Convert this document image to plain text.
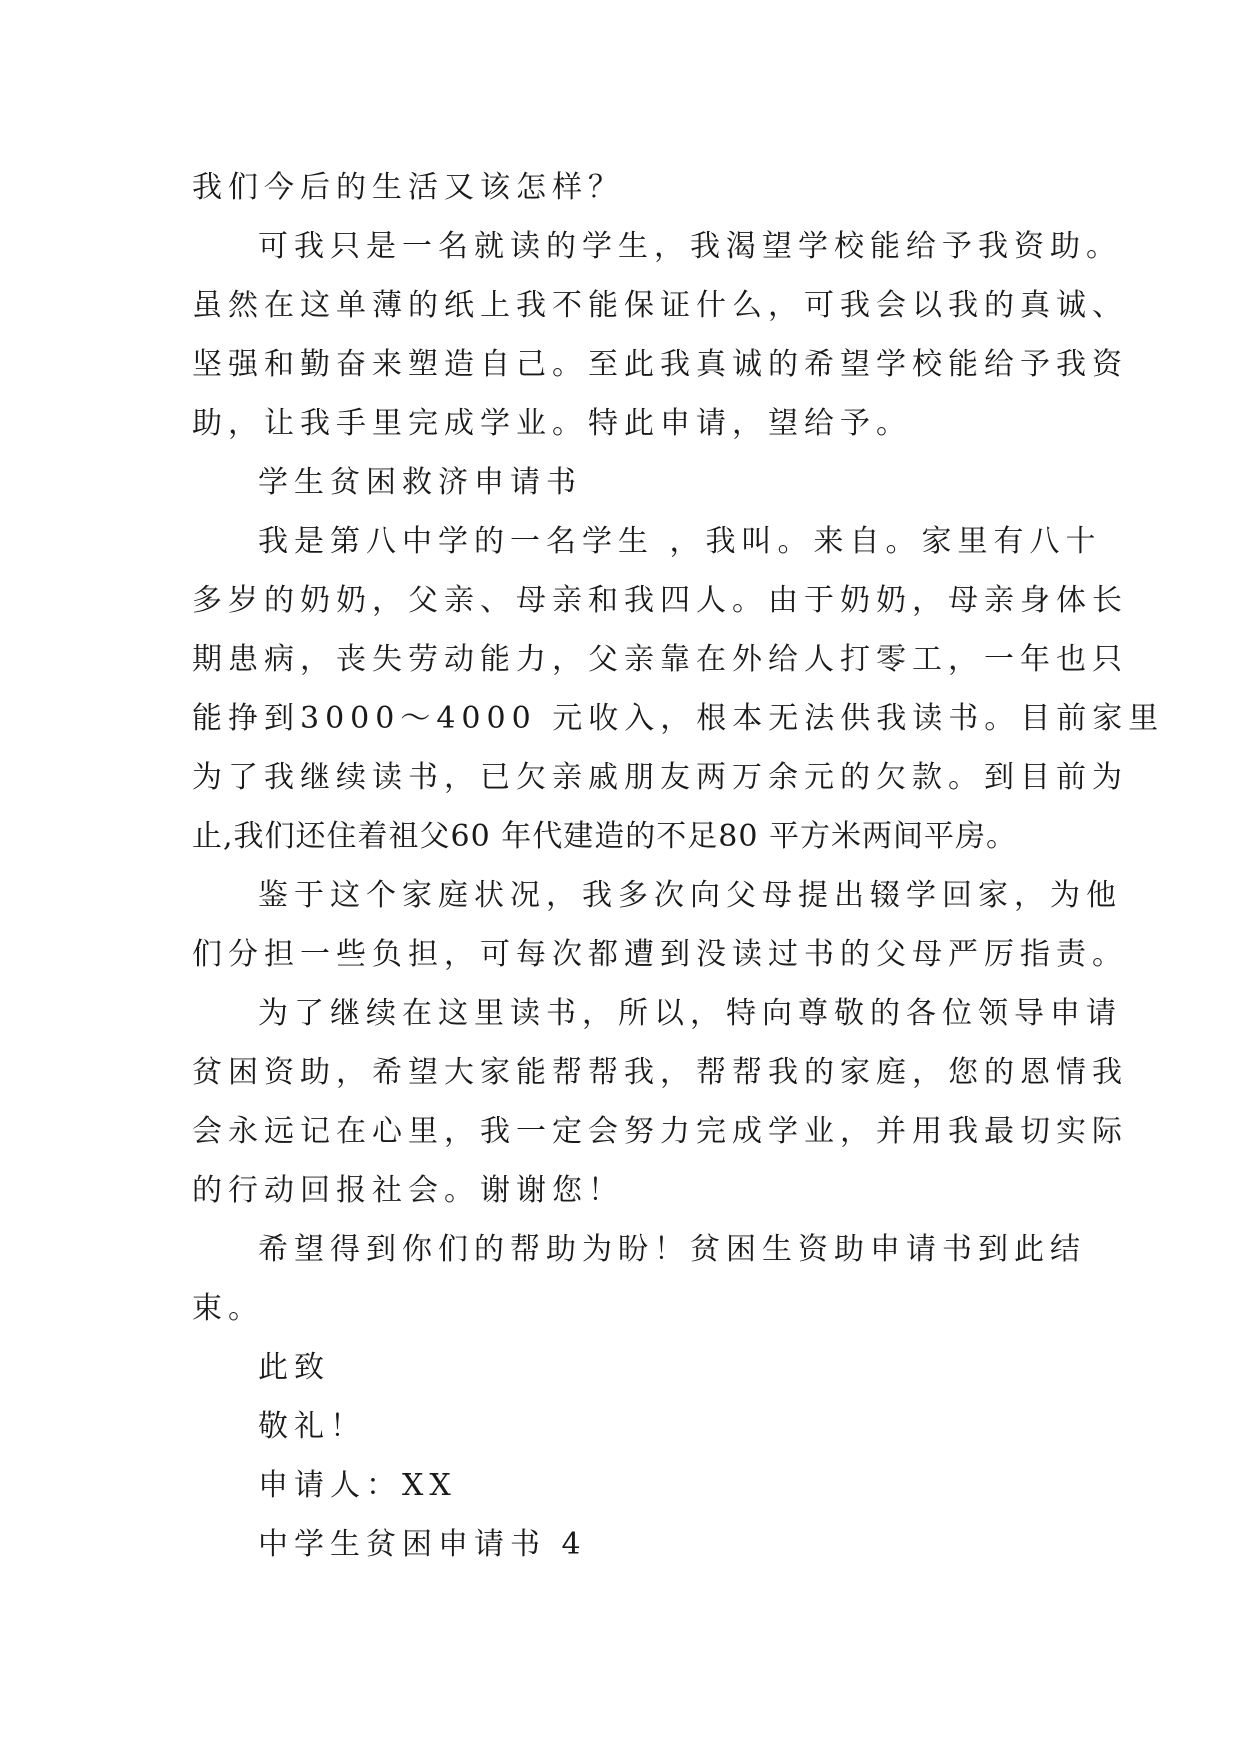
我们今后的生活又该怎样？
可我只是一名就读的学生，我渴望学校能给予我资助。
虽然在这单薄的纸上我不能保证什么，可我会以我的真诚、
坚强和勤奋来塑造自己。至此我真诚的希望学校能给予我资
助，让我手里完成学业。特此申请，望给予。
学生贫困救济申请书
我是第八中学的一名学生 ，我叫。来自。家里有八十
多岁的奶奶，父亲、母亲和我四人。由于奶奶，母亲身体长
期患病，丧失劳动能力，父亲靠在外给人打零工，一年也只
能挣到3000～4000 元收入，根本无法供我读书。目前家里
为了我继续读书，已欠亲戚朋友两万余元的欠款。到目前为
止,我们还住着祖父60 年代建造的不足80 平方米两间平房。
鉴于这个家庭状况，我多次向父母提出辍学回家，为他
们分担一些负担，可每次都遭到没读过书的父母严厉指责。
为了继续在这里读书，所以，特向尊敬的各位领导申请
贫困资助，希望大家能帮帮我，帮帮我的家庭，您的恩情我
会永远记在心里，我一定会努力完成学业，并用我最切实际
的行动回报社会。谢谢您！
希望得到你们的帮助为盼！贫困生资助申请书到此结
束。
此致
敬礼！
申请人：XX
中学生贫困申请书 4
